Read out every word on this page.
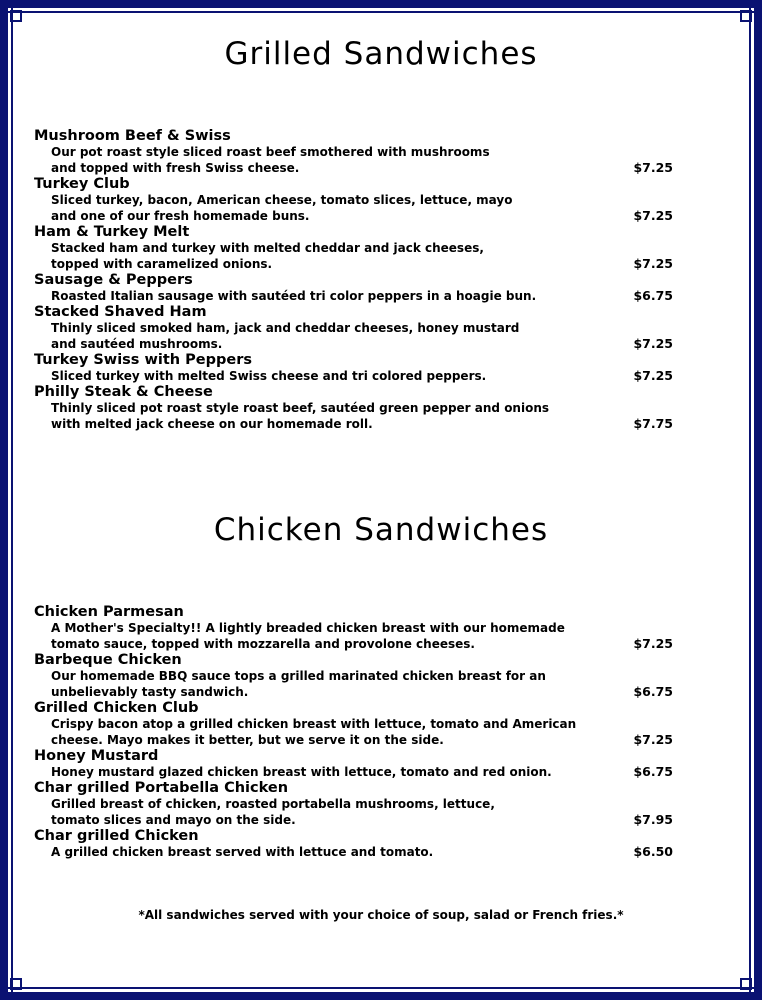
Grilled Sandwiches

Mushroom Beef & Swiss

Our pot roast style sliced roast beef smothered with mushrooms
and topped with fresh Swiss cheese.	$7.25

Turkey Club

Sliced turkey, bacon, American cheese, tomato slices, lettuce, mayo
and one of our fresh homemade buns.	$7.25

Ham & Turkey Melt

Stacked ham and turkey with melted cheddar and jack cheeses,
topped with caramelized onions.	$7.25

Sausage & Peppers

Roasted Italian sausage with sautéed tri color peppers in a hoagie bun.	$6.75

Stacked Shaved Ham

Thinly sliced smoked ham, jack and cheddar cheeses, honey mustard
and sautéed mushrooms.	$7.25

Turkey Swiss with Peppers

Sliced turkey with melted Swiss cheese and tri colored peppers.	$7.25

Philly Steak & Cheese

Thinly sliced pot roast style roast beef, sautéed green pepper and onions
with melted jack cheese on our homemade roll.	$7.75
Chicken Sandwiches

Chicken Parmesan

A Mother's Specialty!! A lightly breaded chicken breast with our homemade
tomato sauce, topped with mozzarella and provolone cheeses.	$7.25

Barbeque Chicken

Our homemade BBQ sauce tops a grilled marinated chicken breast for an
unbelievably tasty sandwich.	$6.75

Grilled Chicken Club

Crispy bacon atop a grilled chicken breast with lettuce, tomato and American
cheese. Mayo makes it better, but we serve it on the side.	$7.25

Honey Mustard

Honey mustard glazed chicken breast with lettuce, tomato and red onion.	$6.75

Char grilled Portabella Chicken

Grilled breast of chicken, roasted portabella mushrooms, lettuce,
tomato slices and mayo on the side.	$7.95

Char grilled Chicken

A grilled chicken breast served with lettuce and tomato.	$6.50

*All sandwiches served with your choice of soup, salad or French fries.*
